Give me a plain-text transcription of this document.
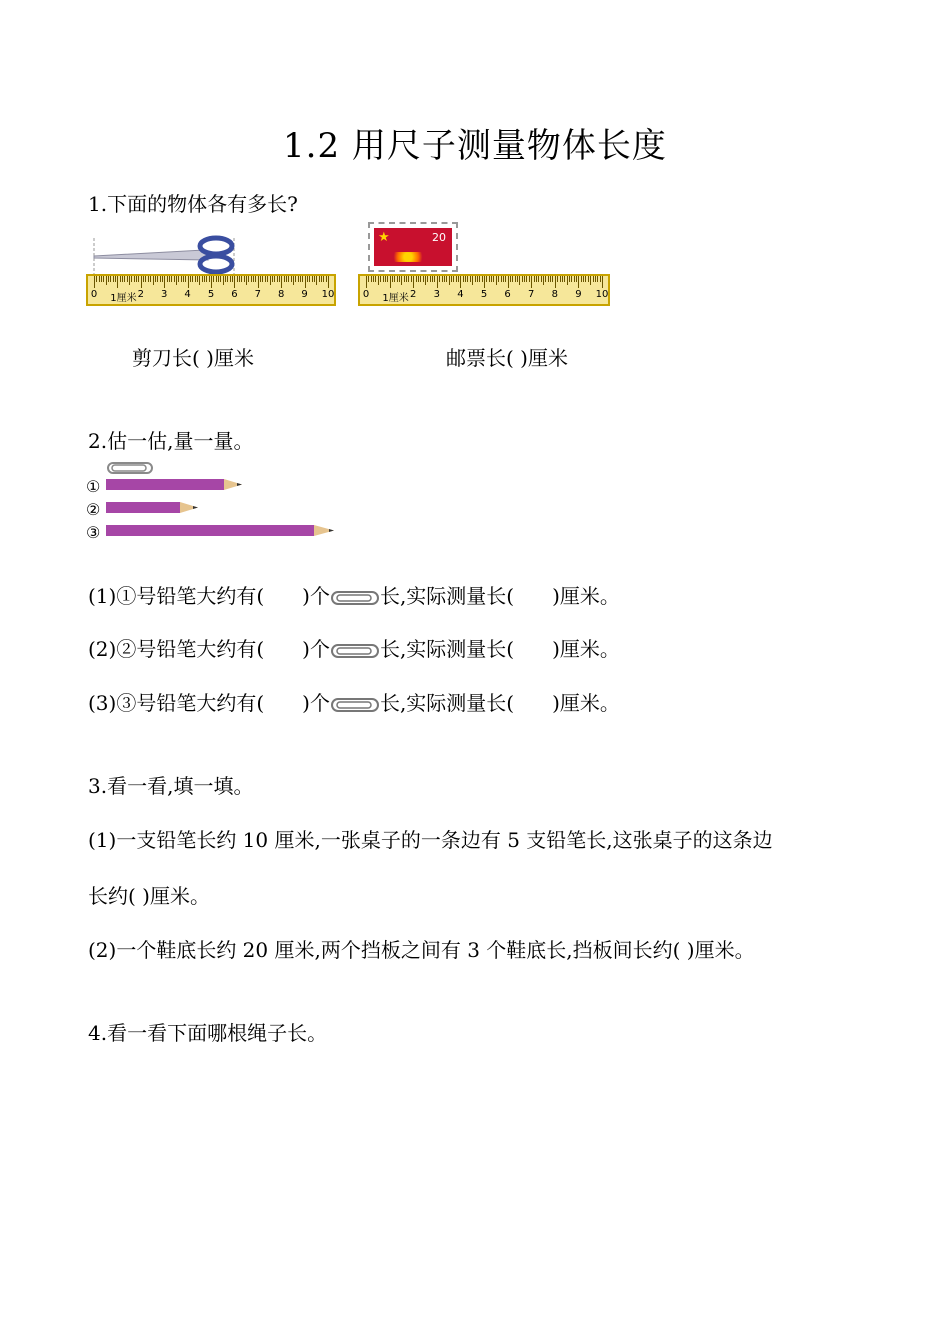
1.2 用尺子测量物体长度
1.下面的物体各有多长?
0 1厘米 2 3 4 5 6 7 8 9 10
★	20
0 1厘米 2 3 4 5 6 7 8 9 10
剪刀长( )厘米	邮票长( )厘米
2.估一估,量一量。
①
②
③
(1)①号铅笔大约有( )个	长,实际测量长( )厘米。
(2)②号铅笔大约有( )个	长,实际测量长( )厘米。
(3)③号铅笔大约有( )个	长,实际测量长( )厘米。
3.看一看,填一填。
(1)一支铅笔长约 10 厘米,一张桌子的一条边有 5 支铅笔长,这张桌子的这条边
长约( )厘米。
(2)一个鞋底长约 20 厘米,两个挡板之间有 3 个鞋底长,挡板间长约( )厘米。
4.看一看下面哪根绳子长。
